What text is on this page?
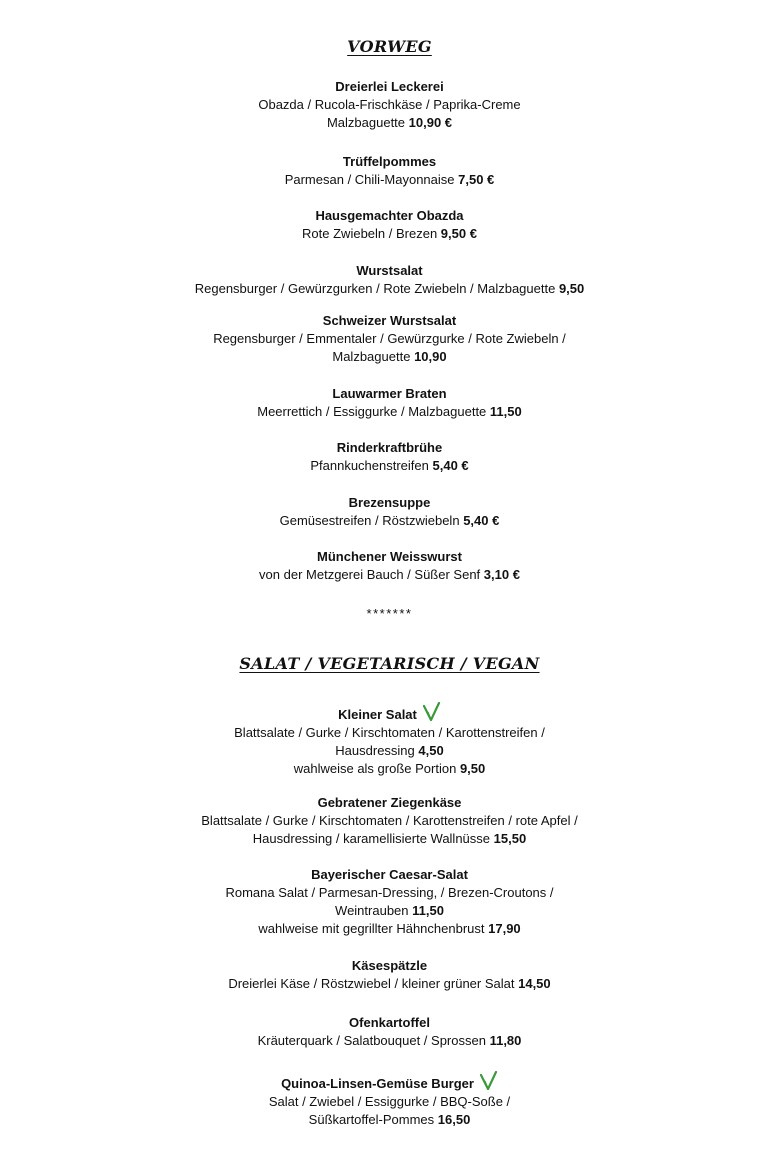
VORWEG
Dreierlei Leckerei
Obazda / Rucola-Frischkäse / Paprika-Creme
Malzbaguette 10,90 €
Trüffelpommes
Parmesan / Chili-Mayonnaise 7,50 €
Hausgemachter Obazda
Rote Zwiebeln / Brezen 9,50 €
Wurstsalat
Regensburger / Gewürzgurken / Rote Zwiebeln / Malzbaguette 9,50
Schweizer Wurstsalat
Regensburger / Emmentaler / Gewürzgurke / Rote Zwiebeln /
Malzbaguette 10,90
Lauwarmer Braten
Meerrettich / Essiggurke / Malzbaguette 11,50
Rinderkraftbrühe
Pfannkuchenstreifen 5,40 €
Brezensuppe
Gemüsestreifen / Röstzwiebeln 5,40 €
Münchener Weisswurst
von der Metzgerei Bauch / Süßer Senf 3,10 €
*******
SALAT / VEGETARISCH / VEGAN
Kleiner Salat
Blattsalate / Gurke / Kirschtomaten / Karottenstreifen /
Hausdressing 4,50
wahlweise als große Portion 9,50
Gebratener Ziegenkäse
Blattsalate / Gurke / Kirschtomaten / Karottenstreifen / rote Apfel /
Hausdressing / karamellisierte Wallnüsse 15,50
Bayerischer Caesar-Salat
Romana Salat / Parmesan-Dressing, / Brezen-Croutons /
Weintrauben 11,50
wahlweise mit gegrillter Hähnchenbrust 17,90
Käsespätzle
Dreierlei Käse / Röstzwiebel / kleiner grüner Salat 14,50
Ofenkartoffel
Kräuterquark / Salatbouquet / Sprossen 11,80
Quinoa-Linsen-Gemüse Burger
Salat / Zwiebel / Essiggurke / BBQ-Soße /
Süßkartoffel-Pommes 16,50
